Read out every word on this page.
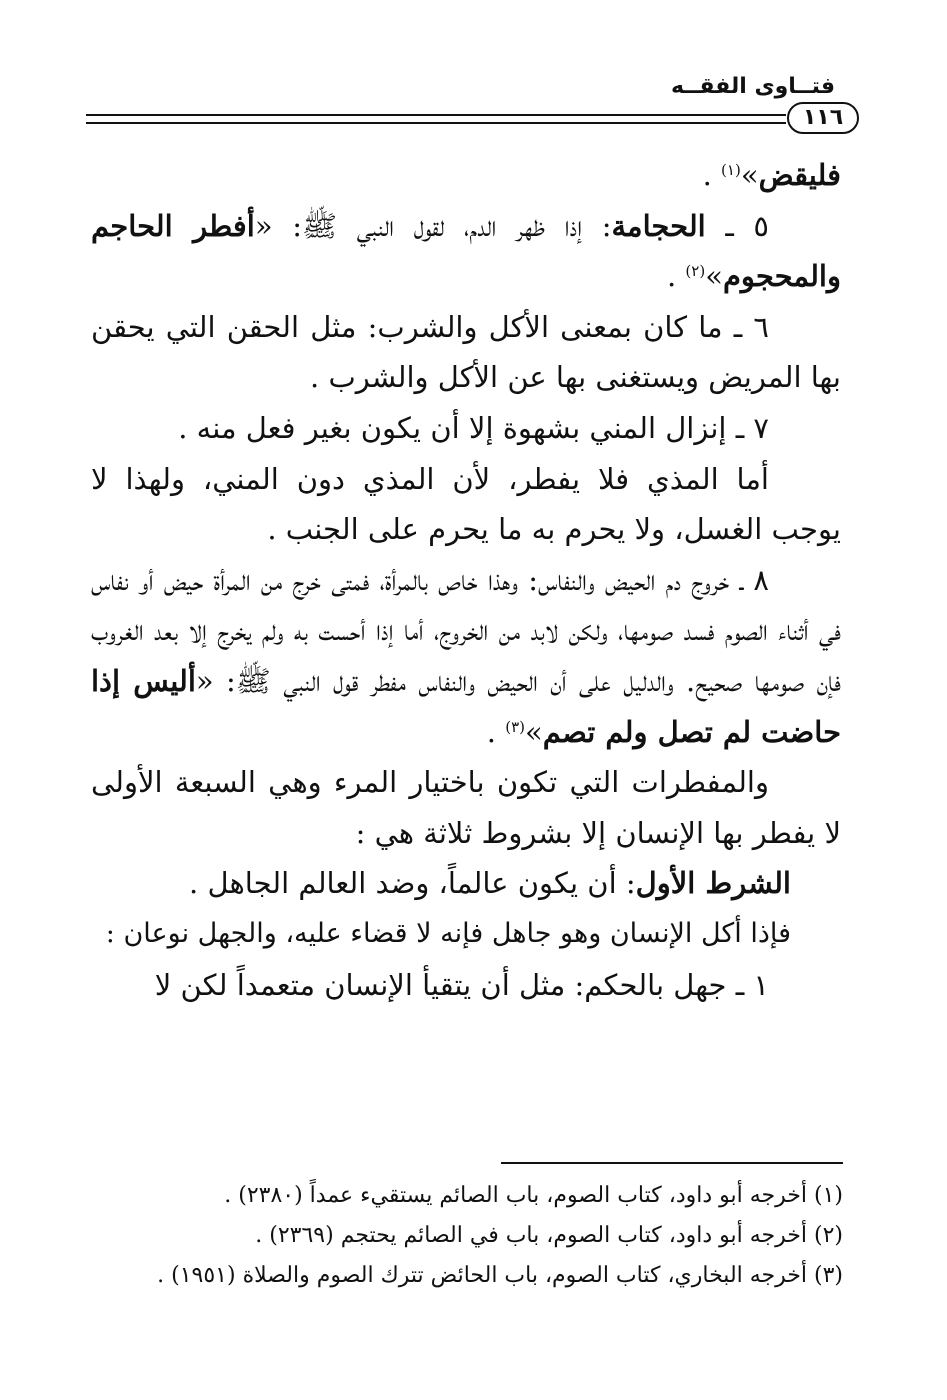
فتــاوى الفقــه
١١٦

فليقض»$^{(١)}$ .

٥ ـ الحجامة: إذا ظهر الدم، لقول النبي ﷺ: «أفطر الحاجم والمحجوم»$^{(٢)}$ .

٦ ـ ما كان بمعنى الأكل والشرب: مثل الحقن التي يحقن بها المريض ويستغنى بها عن الأكل والشرب .

٧ ـ إنزال المني بشهوة إلا أن يكون بغير فعل منه .

أما المذي فلا يفطر، لأن المذي دون المني، ولهذا لا يوجب الغسل، ولا يحرم به ما يحرم على الجنب .

٨ ـ خروج دم الحيض والنفاس: وهذا خاص بالمرأة، فمتى خرج من المرأة حيض أو نفاس في أثناء الصوم فسد صومها، ولكن لابد من الخروج، أما إذا أحست به ولم يخرج إلا بعد الغروب فإن صومها صحيح. والدليل على أن الحيض والنفاس مفطر قول النبي ﷺ: «أليس إذا حاضت لم تصل ولم تصم»$^{(٣)}$ .

والمفطرات التي تكون باختيار المرء وهي السبعة الأولى لا يفطر بها الإنسان إلا بشروط ثلاثة هي :

الشرط الأول: أن يكون عالماً، وضد العالم الجاهل .

فإذا أكل الإنسان وهو جاهل فإنه لا قضاء عليه، والجهل نوعان :

١ ـ جهل بالحكم: مثل أن يتقيأ الإنسان متعمداً لكن لا

(١) أخرجه أبو داود، كتاب الصوم، باب الصائم يستقيء عمداً (٢٣٨٠) .

(٢) أخرجه أبو داود، كتاب الصوم، باب في الصائم يحتجم (٢٣٦٩) .

(٣) أخرجه البخاري، كتاب الصوم، باب الحائض تترك الصوم والصلاة (١٩٥١) .
